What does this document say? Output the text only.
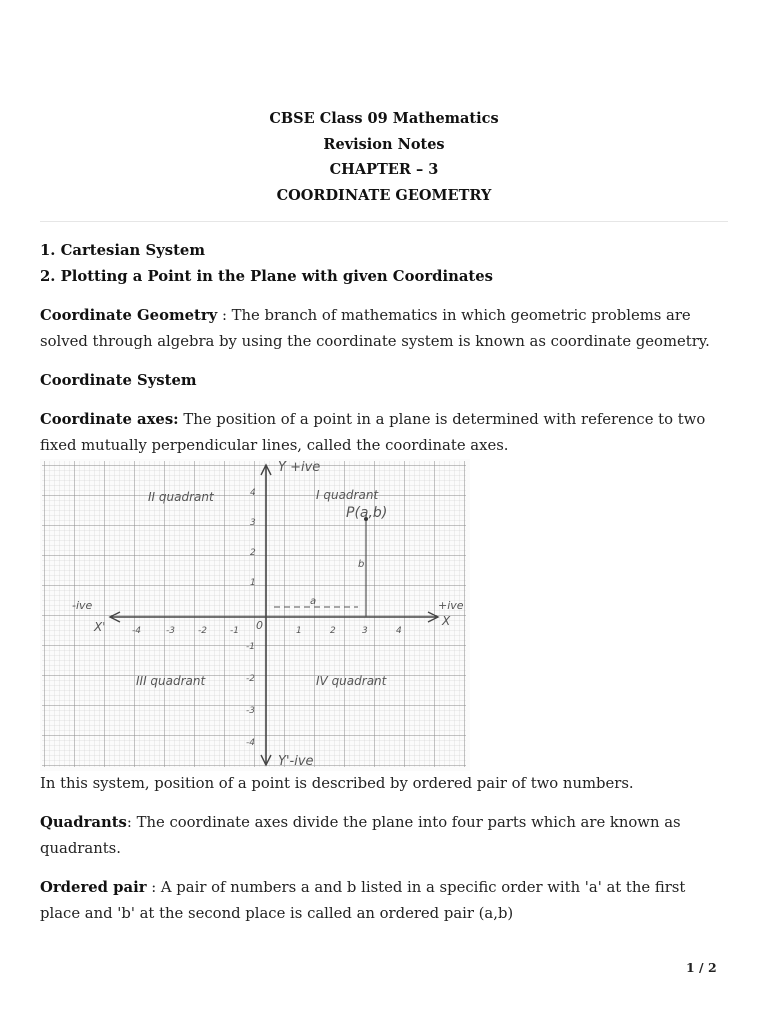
CBSE Class 09 Mathematics
Revision Notes
CHAPTER – 3
COORDINATE GEOMETRY

1. Cartesian System

2. Plotting a Point in the Plane with given Coordinates

Coordinate Geometry : The branch of mathematics in which geometric problems are solved through algebra by using the coordinate system is known as coordinate geometry.

Coordinate System

Coordinate axes: The position of a point in a plane is determined with reference to two fixed mutually perpendicular lines, called the coordinate axes.

Y +ive
Y'-ive
+ive
X
-ive
X'	0
P(a,b)
a
b
II quadrant	I quadrant
III quadrant	IV quadrant
-4	-3	-2	-1	1	2	3	4
4
3
2
1
-1
-2
-3
-4

In this system, position of a point is described by ordered pair of two numbers.

Quadrants: The coordinate axes divide the plane into four parts which are known as quadrants.

Ordered pair : A pair of numbers a and b listed in a specific order with 'a' at the first place and 'b' at the second place is called an ordered pair (a,b)

1 / 2
